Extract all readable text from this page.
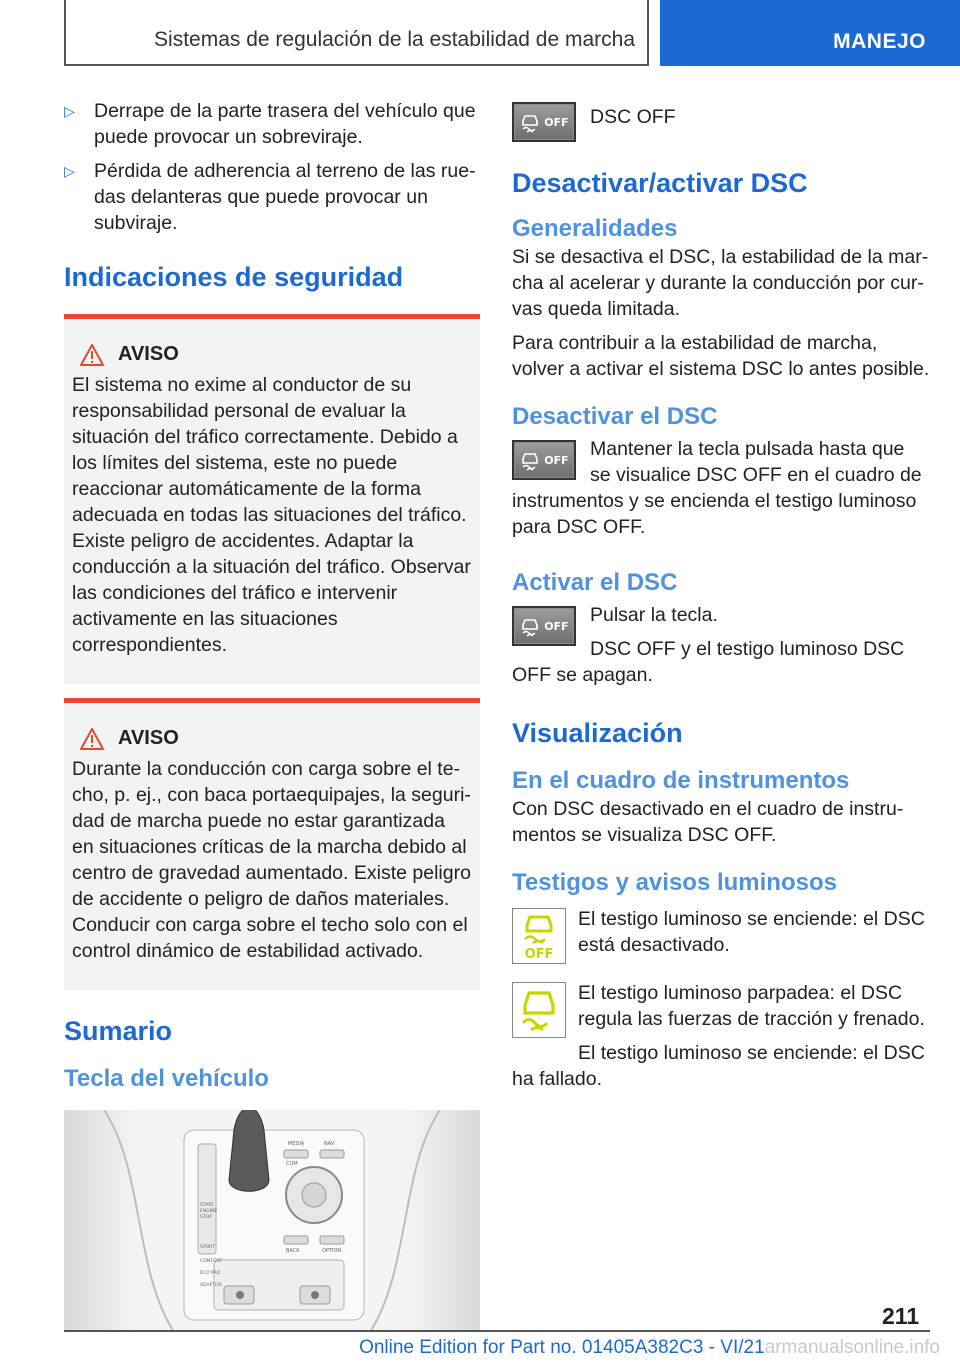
Sistemas de regulación de la estabilidad de marcha	MANEJO
▷ Derrape de la parte trasera del vehículo que puede provocar un sobreviraje.
▷ Pérdida de adherencia al terreno de las ruedas delanteras que puede provocar un subviraje.
Indicaciones de seguridad
AVISO
El sistema no exime al conductor de su responsabilidad personal de evaluar la situación del tráfico correctamente. Debido a los límites del sistema, este no puede reaccionar automáticamente de la forma adecuada en todas las situaciones del tráfico. Existe peligro de accidentes. Adaptar la conducción a la situación del tráfico. Observar las condiciones del tráfico e intervenir activamente en las situaciones correspondientes.
AVISO
Durante la conducción con carga sobre el techo, p. ej., con baca portaequipajes, la seguridad de marcha puede no estar garantizada en situaciones críticas de la marcha debido al centro de gravedad aumentado. Existe peligro de accidente o peligro de daños materiales. Conducir con carga sobre el techo solo con el control dinámico de estabilidad activado.
Sumario
Tecla del vehículo
MEDIA	NAV
COM
BACK	OPTION
START
ENGINE
STOP
SPORT
COMFORT
ECO PRO
ADAPTIVE
OFF	DSC OFF
Desactivar/activar DSC
Generalidades
Si se desactiva el DSC, la estabilidad de la marcha al acelerar y durante la conducción por curvas queda limitada.
Para contribuir a la estabilidad de marcha, volver a activar el sistema DSC lo antes posible.
Desactivar el DSC
OFF	Mantener la tecla pulsada hasta que se visualice DSC OFF en el cuadro de instrumentos y se encienda el testigo luminoso para DSC OFF.
Activar el DSC
OFF	Pulsar la tecla.
DSC OFF y el testigo luminoso DSC OFF se apagan.
Visualización
En el cuadro de instrumentos
Con DSC desactivado en el cuadro de instrumentos se visualiza DSC OFF.
Testigos y avisos luminosos
OFF
El testigo luminoso se enciende: el DSC está desactivado.
El testigo luminoso parpadea: el DSC regula las fuerzas de tracción y frenado.
El testigo luminoso se enciende: el DSC ha fallado.
211
Online Edition for Part no. 01405A382C3 - VI/21armanualsonline.info
